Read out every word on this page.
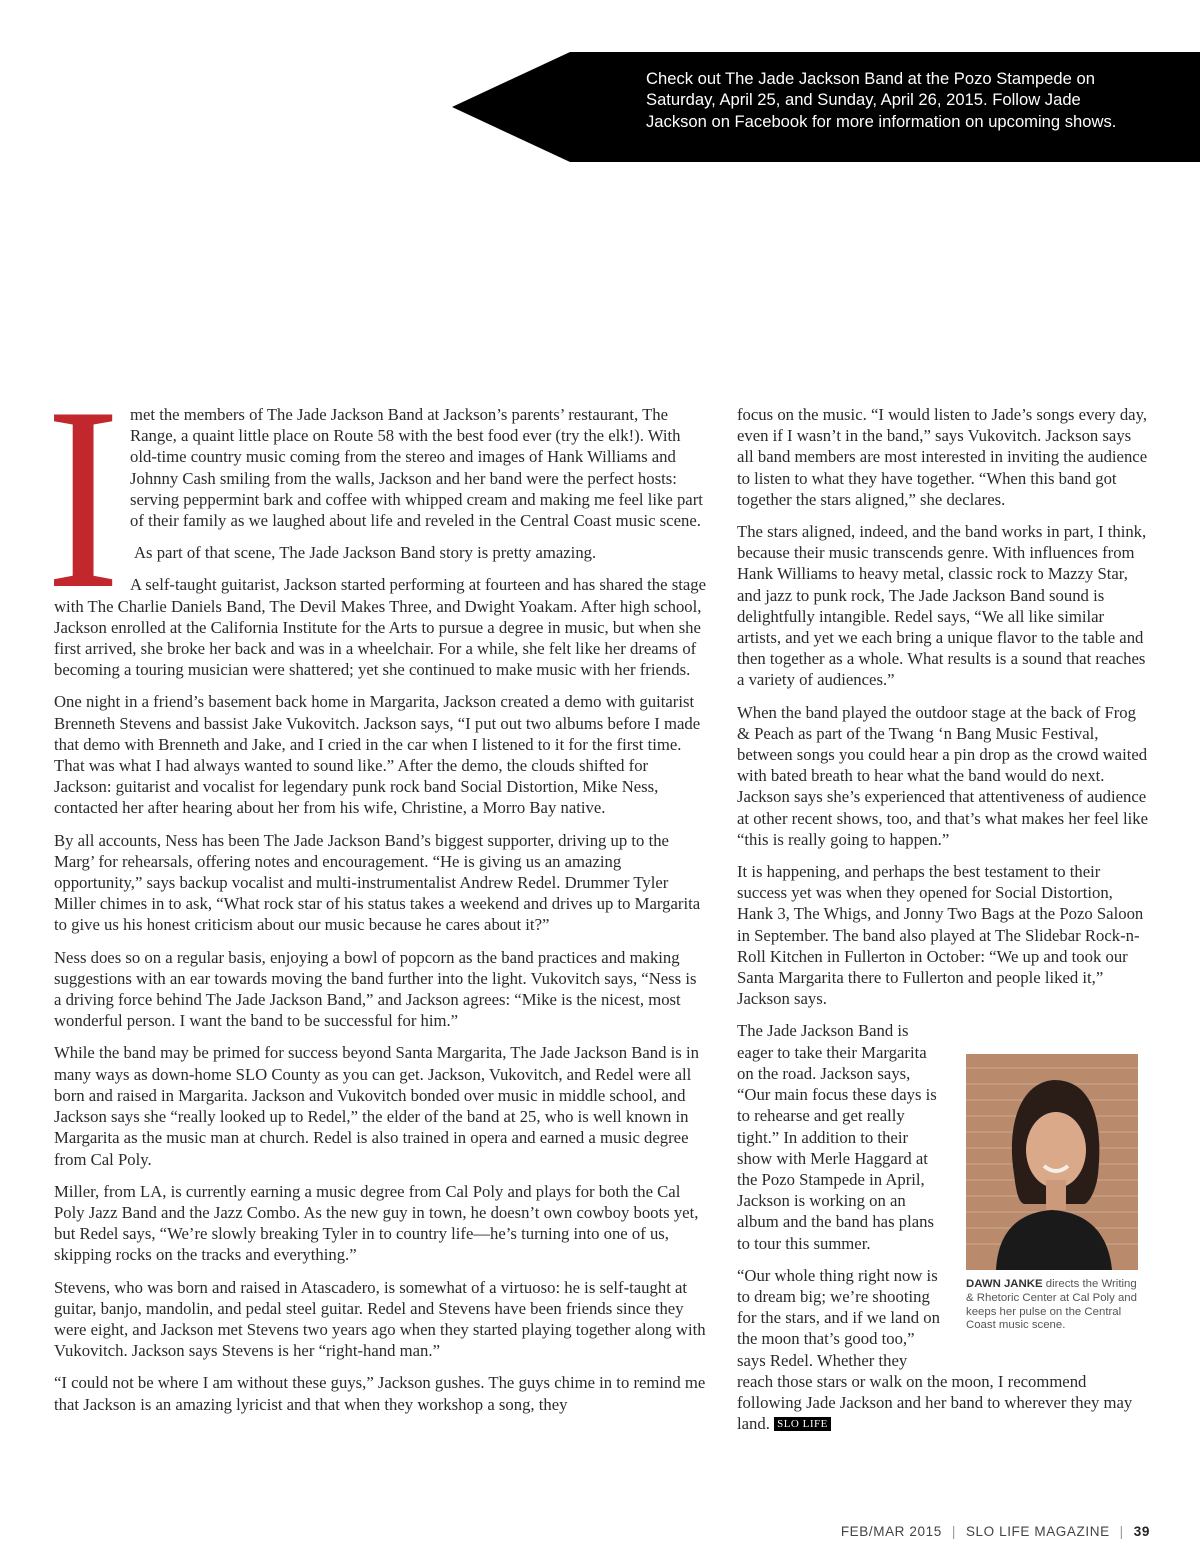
Check out The Jade Jackson Band at the Pozo Stampede on Saturday, April 25, and Sunday, April 26, 2015. Follow Jade Jackson on Facebook for more information on upcoming shows.
I met the members of The Jade Jackson Band at Jackson’s parents’ restaurant, The Range, a quaint little place on Route 58 with the best food ever (try the elk!). With old-time country music coming from the stereo and images of Hank Williams and Johnny Cash smiling from the walls, Jackson and her band were the perfect hosts: serving peppermint bark and coffee with whipped cream and making me feel like part of their family as we laughed about life and reveled in the Central Coast music scene.

As part of that scene, The Jade Jackson Band story is pretty amazing.

A self-taught guitarist, Jackson started performing at fourteen and has shared the stage with The Charlie Daniels Band, The Devil Makes Three, and Dwight Yoakam. After high school, Jackson enrolled at the California Institute for the Arts to pursue a degree in music, but when she first arrived, she broke her back and was in a wheelchair. For a while, she felt like her dreams of becoming a touring musician were shattered; yet she continued to make music with her friends.

One night in a friend’s basement back home in Margarita, Jackson created a demo with guitarist Brenneth Stevens and bassist Jake Vukovitch. Jackson says, “I put out two albums before I made that demo with Brenneth and Jake, and I cried in the car when I listened to it for the first time. That was what I had always wanted to sound like.” After the demo, the clouds shifted for Jackson: guitarist and vocalist for legendary punk rock band Social Distortion, Mike Ness, contacted her after hearing about her from his wife, Christine, a Morro Bay native.

By all accounts, Ness has been The Jade Jackson Band’s biggest supporter, driving up to the Marg’ for rehearsals, offering notes and encouragement. “He is giving us an amazing opportunity,” says backup vocalist and multi-instrumentalist Andrew Redel. Drummer Tyler Miller chimes in to ask, “What rock star of his status takes a weekend and drives up to Margarita to give us his honest criticism about our music because he cares about it?”

Ness does so on a regular basis, enjoying a bowl of popcorn as the band practices and making suggestions with an ear towards moving the band further into the light. Vukovitch says, “Ness is a driving force behind The Jade Jackson Band,” and Jackson agrees: “Mike is the nicest, most wonderful person. I want the band to be successful for him.”

While the band may be primed for success beyond Santa Margarita, The Jade Jackson Band is in many ways as down-home SLO County as you can get. Jackson, Vukovitch, and Redel were all born and raised in Margarita. Jackson and Vukovitch bonded over music in middle school, and Jackson says she “really looked up to Redel,” the elder of the band at 25, who is well known in Margarita as the music man at church. Redel is also trained in opera and earned a music degree from Cal Poly.

Miller, from LA, is currently earning a music degree from Cal Poly and plays for both the Cal Poly Jazz Band and the Jazz Combo. As the new guy in town, he doesn’t own cowboy boots yet, but Redel says, “We’re slowly breaking Tyler in to country life—he’s turning into one of us, skipping rocks on the tracks and everything.”

Stevens, who was born and raised in Atascadero, is somewhat of a virtuoso: he is self-taught at guitar, banjo, mandolin, and pedal steel guitar. Redel and Stevens have been friends since they were eight, and Jackson met Stevens two years ago when they started playing together along with Vukovitch. Jackson says Stevens is her “right-hand man.”

“I could not be where I am without these guys,” Jackson gushes. The guys chime in to remind me that Jackson is an amazing lyricist and that when they workshop a song, they

focus on the music. “I would listen to Jade’s songs every day, even if I wasn’t in the band,” says Vukovitch. Jackson says all band members are most interested in inviting the audience to listen to what they have together. “When this band got together the stars aligned,” she declares.

The stars aligned, indeed, and the band works in part, I think, because their music transcends genre. With influences from Hank Williams to heavy metal, classic rock to Mazzy Star, and jazz to punk rock, The Jade Jackson Band sound is delightfully intangible. Redel says, “We all like similar artists, and yet we each bring a unique flavor to the table and then together as a whole. What results is a sound that reaches a variety of audiences.”

When the band played the outdoor stage at the back of Frog & Peach as part of the Twang ‘n Bang Music Festival, between songs you could hear a pin drop as the crowd waited with bated breath to hear what the band would do next. Jackson says she’s experienced that attentiveness of audience at other recent shows, too, and that’s what makes her feel like “this is really going to happen.”

It is happening, and perhaps the best testament to their success yet was when they opened for Social Distortion, Hank 3, The Whigs, and Jonny Two Bags at the Pozo Saloon in September. The band also played at The Slidebar Rock-n-Roll Kitchen in Fullerton in October: “We up and took our Santa Margarita there to Fullerton and people liked it,” Jackson says.

DAWN JANKE directs the Writing & Rhetoric Center at Cal Poly and keeps her pulse on the Central Coast music scene.

The Jade Jackson Band is eager to take their Margarita on the road. Jackson says, “Our main focus these days is to rehearse and get really tight.” In addition to their show with Merle Haggard at the Pozo Stampede in April, Jackson is working on an album and the band has plans to tour this summer.

“Our whole thing right now is to dream big; we’re shooting for the stars, and if we land on the moon that’s good too,” says Redel. Whether they reach those stars or walk on the moon, I recommend following Jade Jackson and her band to wherever they may land. SLO LIFE

FEB/MAR 2015 | SLO LIFE MAGAZINE | 39
